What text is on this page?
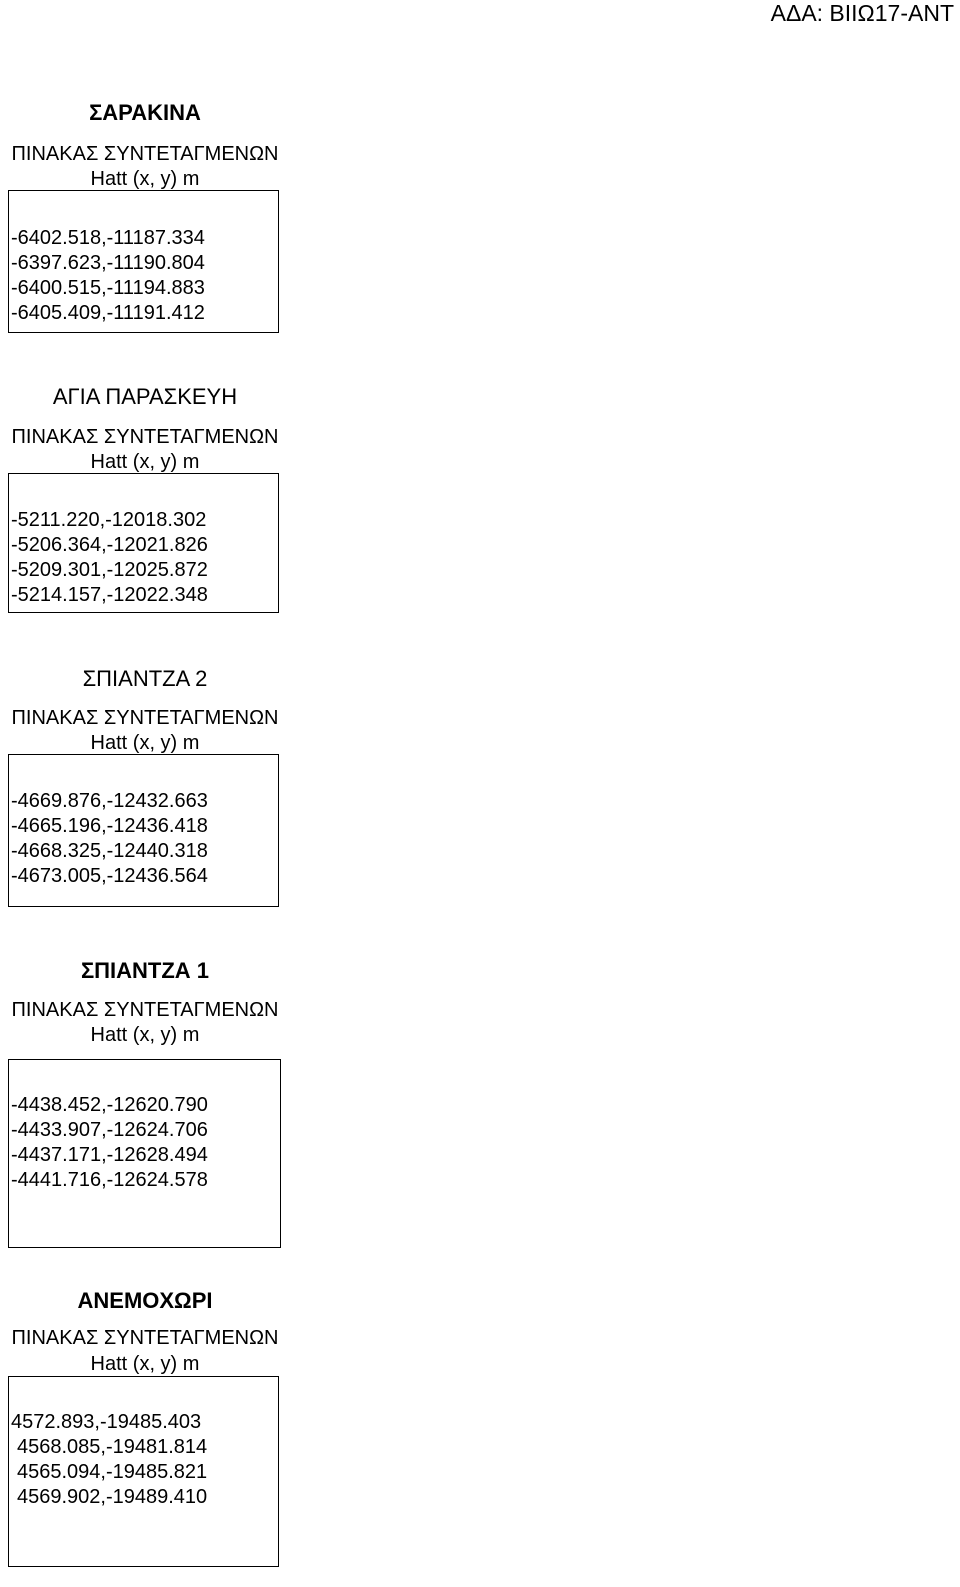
ΑΔΑ: ΒΙΙΩ17-ΑΝΤ
ΣΑΡΑΚΙΝΑ
ΠΙΝΑΚΑΣ ΣΥΝΤΕΤΑΓΜΕΝΩΝ
Hatt (x, y) m
-6402.518,-11187.334
-6397.623,-11190.804
-6400.515,-11194.883
-6405.409,-11191.412
ΑΓΙΑ ΠΑΡΑΣΚΕΥΗ
ΠΙΝΑΚΑΣ ΣΥΝΤΕΤΑΓΜΕΝΩΝ
Hatt (x, y) m
-5211.220,-12018.302
-5206.364,-12021.826
-5209.301,-12025.872
-5214.157,-12022.348
ΣΠΙΑΝΤΖΑ 2
ΠΙΝΑΚΑΣ ΣΥΝΤΕΤΑΓΜΕΝΩΝ
Hatt (x, y) m
-4669.876,-12432.663
-4665.196,-12436.418
-4668.325,-12440.318
-4673.005,-12436.564
ΣΠΙΑΝΤΖΑ 1
ΠΙΝΑΚΑΣ ΣΥΝΤΕΤΑΓΜΕΝΩΝ
Hatt (x, y) m
-4438.452,-12620.790
-4433.907,-12624.706
-4437.171,-12628.494
-4441.716,-12624.578
ΑΝΕΜΟΧΩΡΙ
ΠΙΝΑΚΑΣ ΣΥΝΤΕΤΑΓΜΕΝΩΝ
Hatt (x, y) m
4572.893,-19485.403
4568.085,-19481.814
4565.094,-19485.821
4569.902,-19489.410
